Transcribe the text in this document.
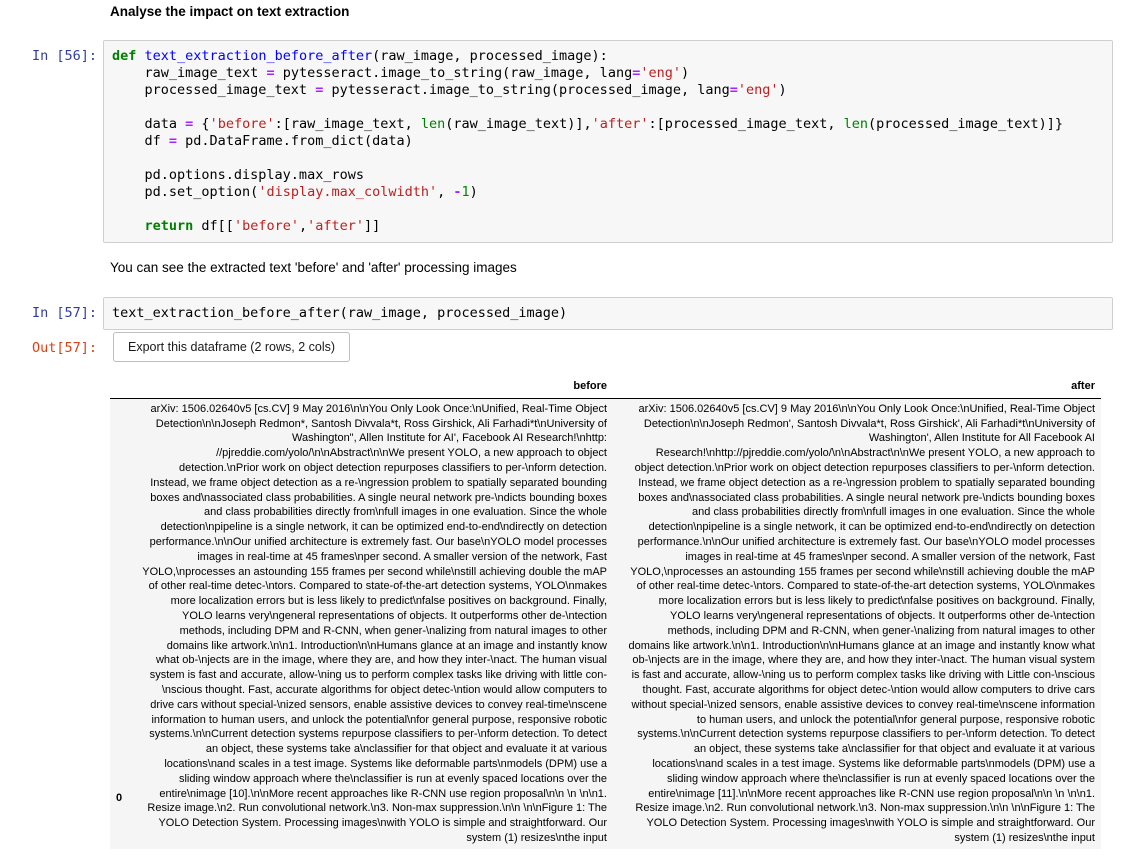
Analyse the impact on text extraction
In [56]:	def text_extraction_before_after(raw_image, processed_image):
raw_image_text = pytesseract.image_to_string(raw_image, lang='eng')
processed_image_text = pytesseract.image_to_string(processed_image, lang='eng')

data = {'before':[raw_image_text, len(raw_image_text)],'after':[processed_image_text, len(processed_image_text)]}
df = pd.DataFrame.from_dict(data)

pd.options.display.max_rows
pd.set_option('display.max_colwidth', -1)

return df[['before','after']]
You can see the extracted text 'before' and 'after' processing images
In [57]:	text_extraction_before_after(raw_image, processed_image)
Out[57]:	Export this dataframe (2 rows, 2 cols)
	before	after
0	arXiv: 1506.02640v5 [cs.CV] 9 May 2016\n\nYou Only Look Once:\nUnified, Real-Time Object Detection\n\nJoseph Redmon*, Santosh Divvala*t, Ross Girshick, Ali Farhadi*t\nUniversity of Washington", Allen Institute for AI', Facebook AI Research!\nhttp: //pjreddie.com/yolo/\n\nAbstract\n\nWe present YOLO, a new approach to object detection.\nPrior work on object detection repurposes classifiers to per-\nform detection. Instead, we frame object detection as a re-\ngression problem to spatially separated bounding boxes and\nassociated class probabilities. A single neural network pre-\ndicts bounding boxes and class probabilities directly from\nfull images in one evaluation. Since the whole detection\npipeline is a single network, it can be optimized end-to-end\ndirectly on detection performance.\n\nOur unified architecture is extremely fast. Our base\nYOLO model processes images in real-time at 45 frames\nper second. A smaller version of the network, Fast YOLO,\nprocesses an astounding 155 frames per second while\nstill achieving double the mAP of other real-time detec-\ntors. Compared to state-of-the-art detection systems, YOLO\nmakes more localization errors but is less likely to predict\nfalse positives on background. Finally, YOLO learns very\ngeneral representations of objects. It outperforms other de-\ntection methods, including DPM and R-CNN, when gener-\nalizing from natural images to other domains like artwork.\n\n1. Introduction\n\nHumans glance at an image and instantly know what ob-\njects are in the image, where they are, and how they inter-\nact. The human visual system is fast and accurate, allow-\ning us to perform complex tasks like driving with little con-\nscious thought. Fast, accurate algorithms for object detec-\ntion would allow computers to drive cars without special-\nized sensors, enable assistive devices to convey real-time\nscene information to human users, and unlock the potential\nfor general purpose, responsive robotic systems.\n\nCurrent detection systems repurpose classifiers to per-\nform detection. To detect an object, these systems take a\nclassifier for that object and evaluate it at various locations\nand scales in a test image. Systems like deformable parts\nmodels (DPM) use a sliding window approach where the\nclassifier is run at evenly spaced locations over the entire\nimage [10].\n\nMore recent approaches like R-CNN use region proposal\n\n \n \n\n1. Resize image.\n2. Run convolutional network.\n3. Non-max suppression.\n\n \n\nFigure 1: The YOLO Detection System. Processing images\nwith YOLO is simple and straightforward. Our system (1) resizes\nthe input	arXiv: 1506.02640v5 [cs.CV] 9 May 2016\n\nYou Only Look Once:\nUnified, Real-Time Object Detection\n\nJoseph Redmon', Santosh Divvala*t, Ross Girshick', Ali Farhadi*t\nUniversity of Washington', Allen Institute for All Facebook AI Research!\nhttp://pjreddie.com/yolo/\n\nAbstract\n\nWe present YOLO, a new approach to object detection.\nPrior work on object detection repurposes classifiers to per-\nform detection. Instead, we frame object detection as a re-\ngression problem to spatially separated bounding boxes and\nassociated class probabilities. A single neural network pre-\ndicts bounding boxes and class probabilities directly from\nfull images in one evaluation. Since the whole detection\npipeline is a single network, it can be optimized end-to-end\ndirectly on detection performance.\n\nOur unified architecture is extremely fast. Our base\nYOLO model processes images in real-time at 45 frames\nper second. A smaller version of the network, Fast YOLO,\nprocesses an astounding 155 frames per second while\nstill achieving double the mAP of other real-time detec-\ntors. Compared to state-of-the-art detection systems, YOLO\nmakes more localization errors but is less likely to predict\nfalse positives on background. Finally, YOLO learns very\ngeneral representations of objects. It outperforms other de-\ntection methods, including DPM and R-CNN, when gener-\nalizing from natural images to other domains like artwork.\n\n1. Introduction\n\nHumans glance at an image and instantly know what ob-\njects are in the image, where they are, and how they inter-\nact. The human visual system is fast and accurate, allow-\ning us to perform complex tasks like driving with Little con-\nscious thought. Fast, accurate algorithms for object detec-\ntion would allow computers to drive cars without special-\nized sensors, enable assistive devices to convey real-time\nscene information to human users, and unlock the potential\nfor general purpose, responsive robotic systems.\n\nCurrent detection systems repurpose classifiers to per-\nform detection. To detect an object, these systems take a\nclassifier for that object and evaluate it at various locations\nand scales in a test image. Systems like deformable parts\nmodels (DPM) use a sliding window approach where the\nclassifier is run at evenly spaced locations over the entire\nimage [11].\n\nMore recent approaches like R-CNN use region proposal\n\n \n \n\n1. Resize image.\n2. Run convolutional network.\n3. Non-max suppression.\n\n \n\nFigure 1: The YOLO Detection System. Processing images\nwith YOLO is simple and straightforward. Our system (1) resizes\nthe input
